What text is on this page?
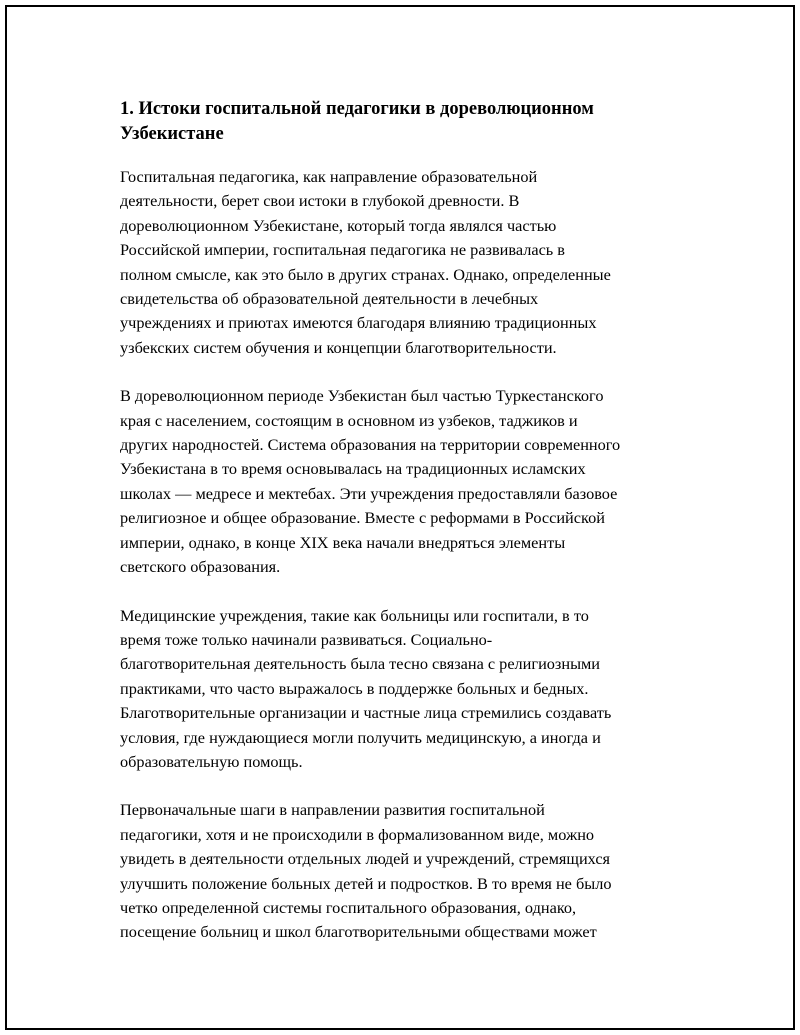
1. Истоки госпитальной педагогики в дореволюционном
Узбекистане

Госпитальная педагогика, как направление образовательной
деятельности, берет свои истоки в глубокой древности. В
дореволюционном Узбекистане, который тогда являлся частью
Российской империи, госпитальная педагогика не развивалась в
полном смысле, как это было в других странах. Однако, определенные
свидетельства об образовательной деятельности в лечебных
учреждениях и приютах имеются благодаря влиянию традиционных
узбекских систем обучения и концепции благотворительности.

В дореволюционном периоде Узбекистан был частью Туркестанского
края с населением, состоящим в основном из узбеков, таджиков и
других народностей. Система образования на территории современного
Узбекистана в то время основывалась на традиционных исламских
школах — медресе и мектебах. Эти учреждения предоставляли базовое
религиозное и общее образование. Вместе с реформами в Российской
империи, однако, в конце XIX века начали внедряться элементы
светского образования.

Медицинские учреждения, такие как больницы или госпитали, в то
время тоже только начинали развиваться. Социально-
благотворительная деятельность была тесно связана с религиозными
практиками, что часто выражалось в поддержке больных и бедных.
Благотворительные организации и частные лица стремились создавать
условия, где нуждающиеся могли получить медицинскую, а иногда и
образовательную помощь.

Первоначальные шаги в направлении развития госпитальной
педагогики, хотя и не происходили в формализованном виде, можно
увидеть в деятельности отдельных людей и учреждений, стремящихся
улучшить положение больных детей и подростков. В то время не было
четко определенной системы госпитального образования, однако,
посещение больниц и школ благотворительными обществами может
